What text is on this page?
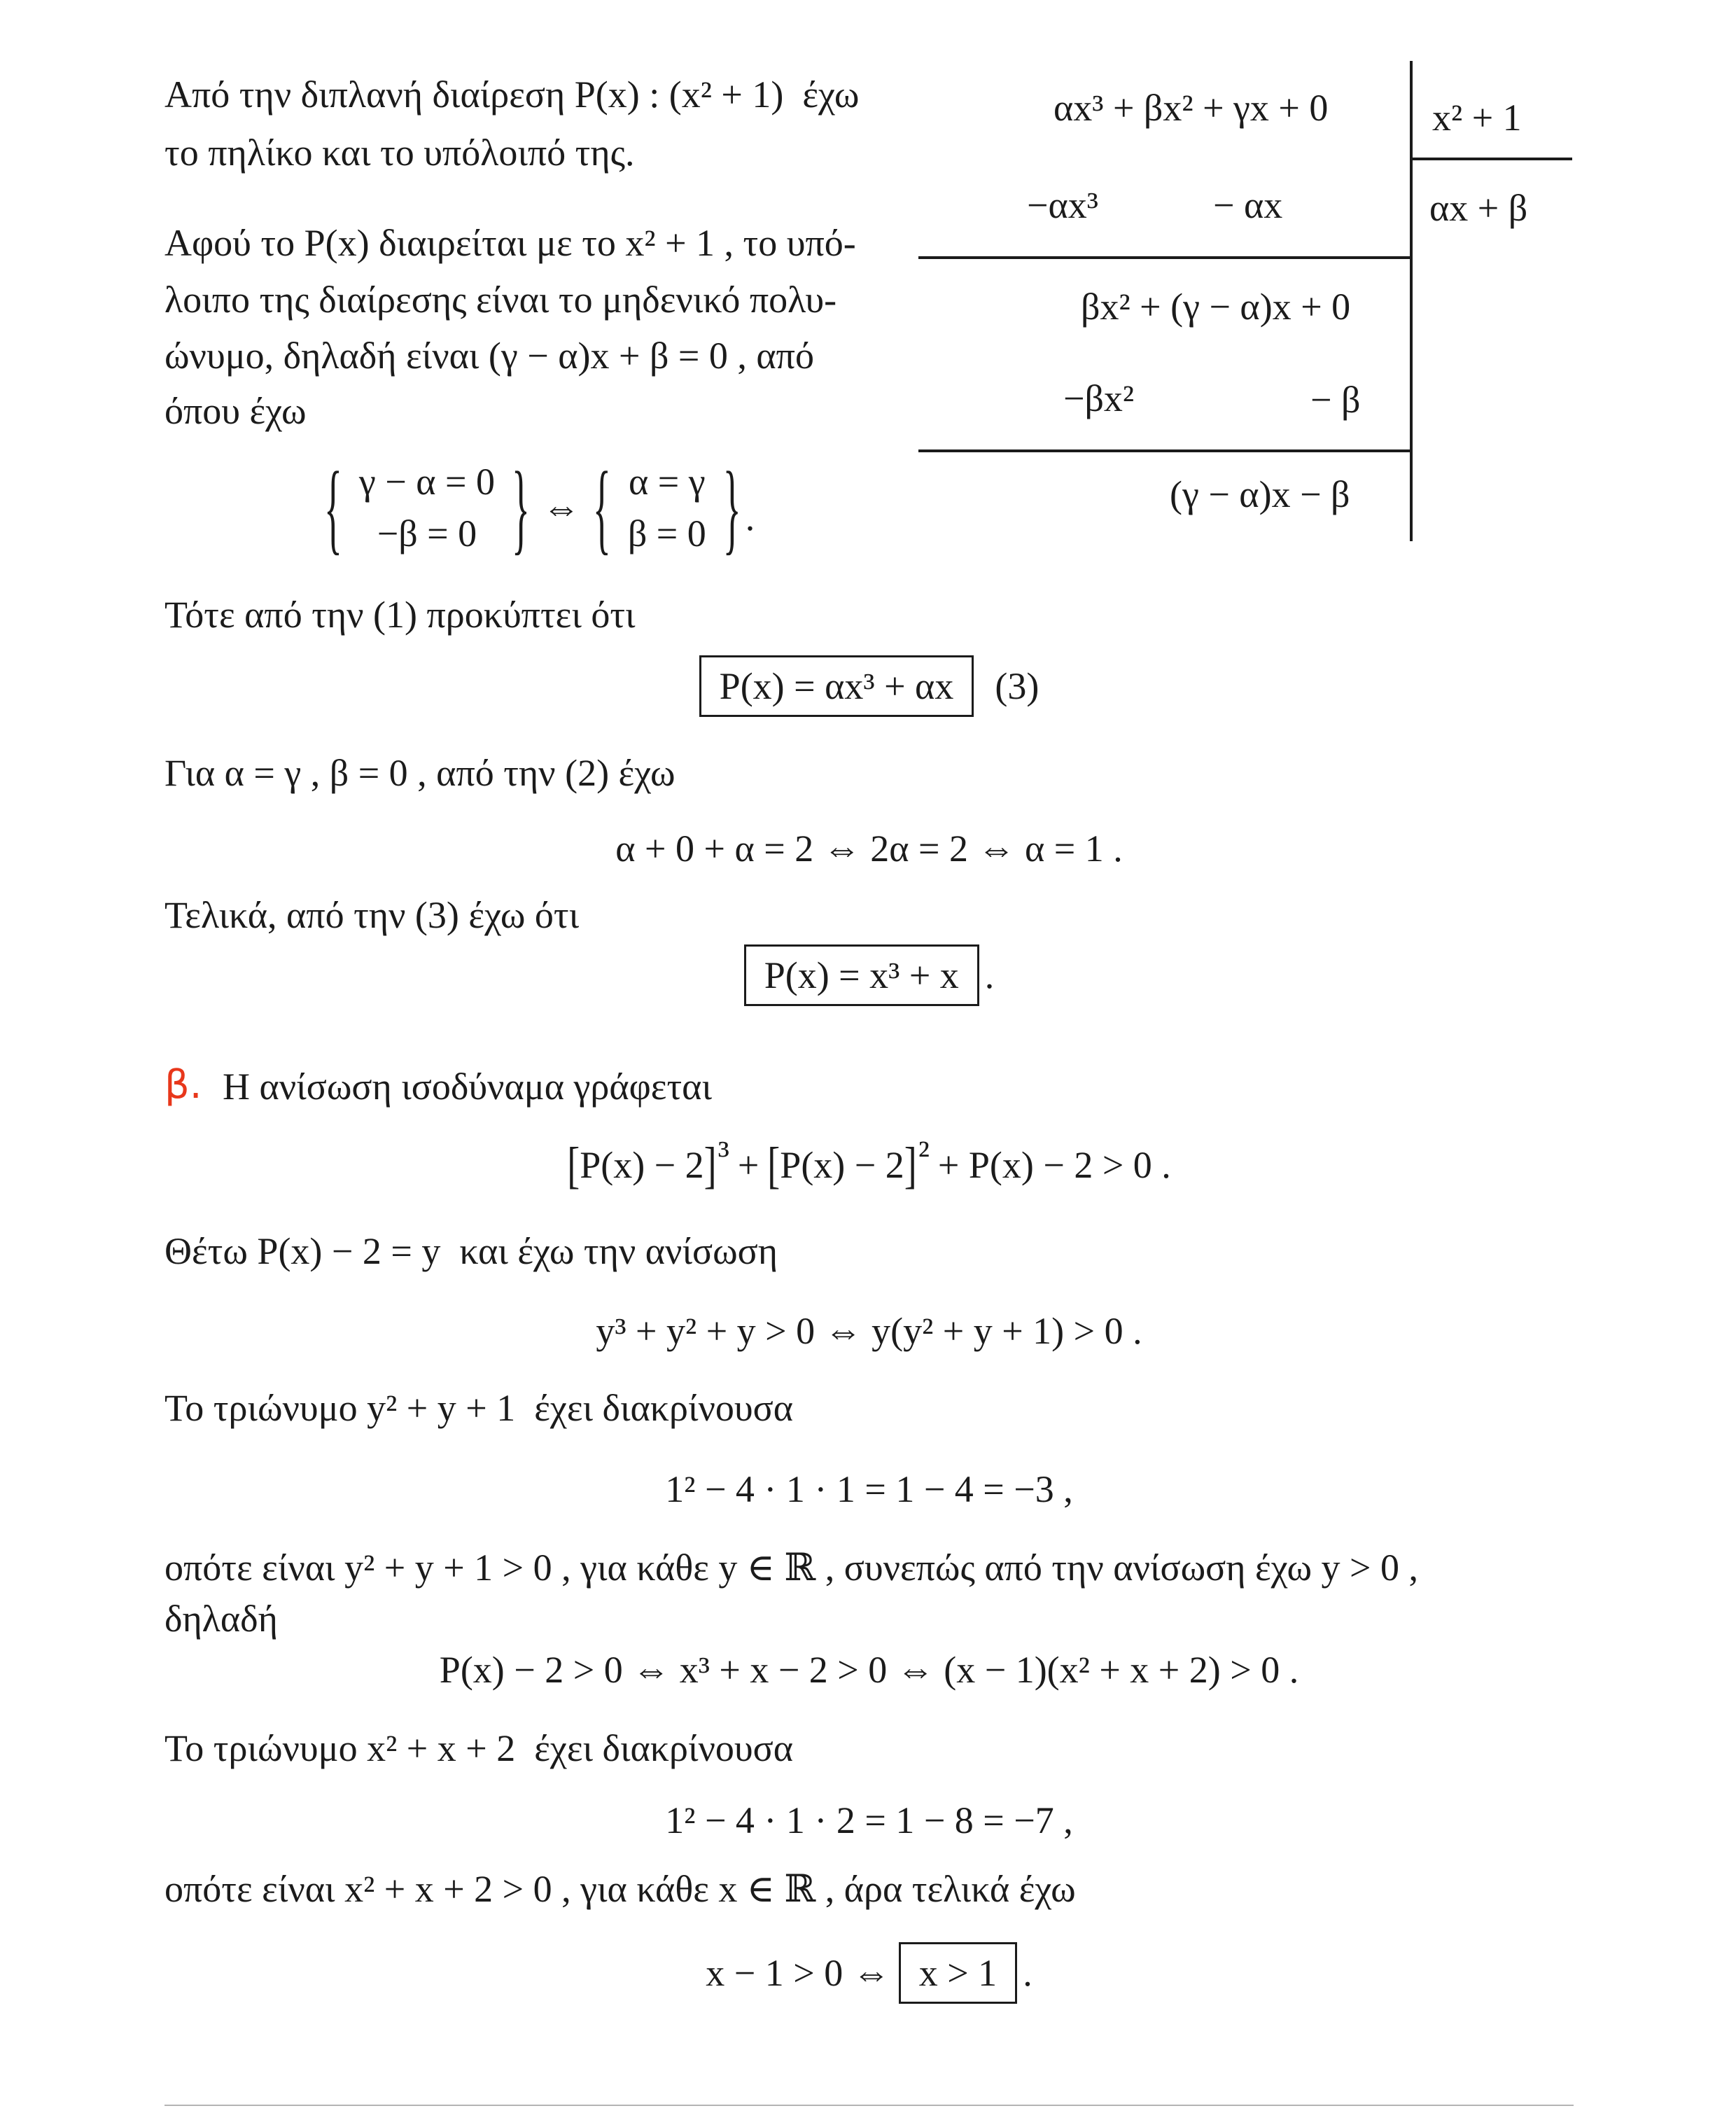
Από την διπλανή διαίρεση P(x) : (x² + 1)  έχω
το πηλίκο και το υπόλοιπό της.
Αφού το P(x) διαιρείται με το x² + 1 , το υπό-
λοιπο της διαίρεσης είναι το μηδενικό πολυ-
ώνυμο, δηλαδή είναι (γ − α)x + β = 0 , από
όπου έχω
{ γ − α = 0
−β = 0 } ⇔ { α = γ
β = 0 } .
Τότε από την (1) προκύπτει ότι
P(x) = αx³ + αx (3)
Για α = γ , β = 0 , από την (2) έχω
α + 0 + α = 2 ⇔ 2α = 2 ⇔ α = 1 .
Τελικά, από την (3) έχω ότι
P(x) = x³ + x .
αx³ + βx² + γx + 0	x² + 1
−αx³	− αx	αx + β
βx² + (γ − α)x + 0
−βx²	− β
(γ − α)x − β
β. Η ανίσωση ισοδύναμα γράφεται
[P(x) − 2]³ + [P(x) − 2]² + P(x) − 2 > 0 .
Θέτω P(x) − 2 = y  και έχω την ανίσωση
y³ + y² + y > 0 ⇔ y(y² + y + 1) > 0 .
Το τριώνυμο y² + y + 1  έχει διακρίνουσα
1² − 4 · 1 · 1 = 1 − 4 = −3 ,
οπότε είναι y² + y + 1 > 0 , για κάθε y ∈ ℝ , συνεπώς από την ανίσωση έχω y > 0 ,
δηλαδή
P(x) − 2 > 0 ⇔ x³ + x − 2 > 0 ⇔ (x − 1)(x² + x + 2) > 0 .
Το τριώνυμο x² + x + 2  έχει διακρίνουσα
1² − 4 · 1 · 2 = 1 − 8 = −7 ,
οπότε είναι x² + x + 2 > 0 , για κάθε x ∈ ℝ , άρα τελικά έχω
x − 1 > 0 ⇔ x > 1 .
